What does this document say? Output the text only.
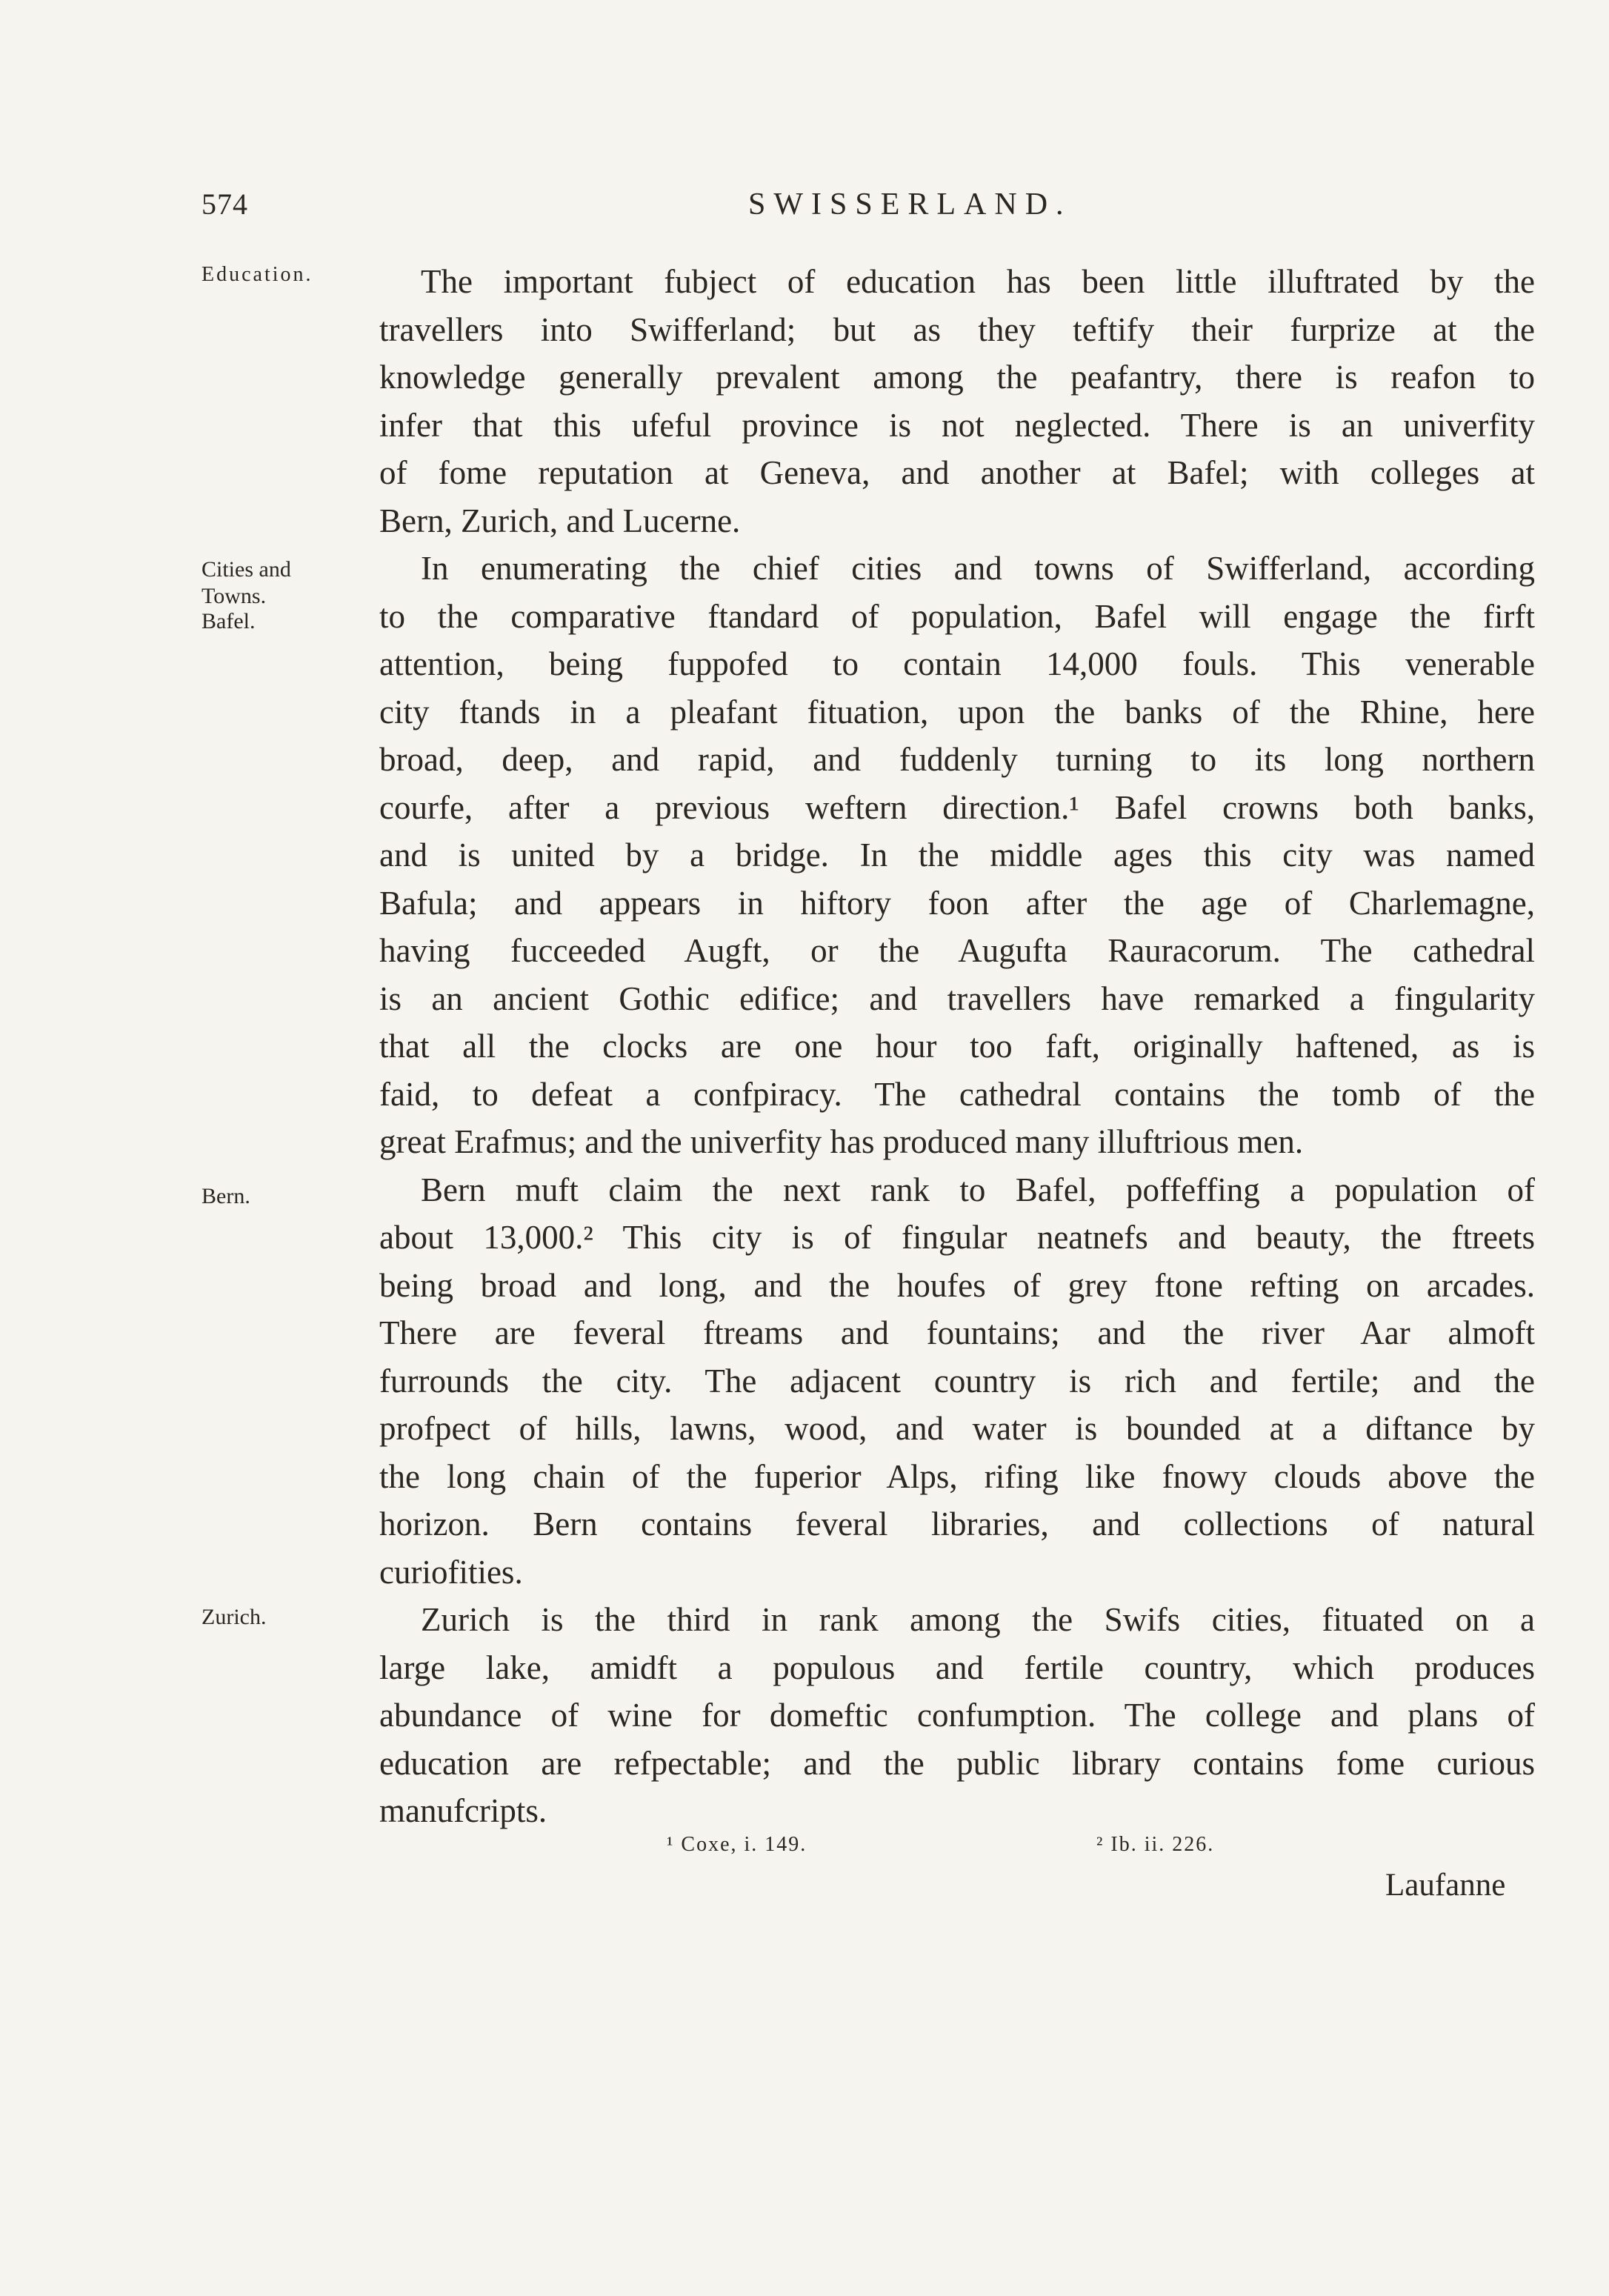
574	SWISSERLAND.
Education.
Cities and
Towns.
Bafel.
Bern.
Zurich.
The important fubject of education has been little illuftrated by the
travellers into Swifferland; but as they teftify their furprize at the
knowledge generally prevalent among the peafantry, there is reafon to
infer that this ufeful province is not neglected. There is an univerfity
of fome reputation at Geneva, and another at Bafel; with colleges at
Bern, Zurich, and Lucerne.
In enumerating the chief cities and towns of Swifferland, according
to the comparative ftandard of population, Bafel will engage the firft
attention, being fuppofed to contain 14,000 fouls. This venerable
city ftands in a pleafant fituation, upon the banks of the Rhine, here
broad, deep, and rapid, and fuddenly turning to its long northern
courfe, after a previous weftern direction.¹ Bafel crowns both banks,
and is united by a bridge. In the middle ages this city was named
Bafula; and appears in hiftory foon after the age of Charlemagne,
having fucceeded Augft, or the Augufta Rauracorum. The cathedral
is an ancient Gothic edifice; and travellers have remarked a fingularity
that all the clocks are one hour too faft, originally haftened, as is
faid, to defeat a confpiracy. The cathedral contains the tomb of the
great Erafmus; and the univerfity has produced many illuftrious men.
Bern muft claim the next rank to Bafel, poffeffing a population of
about 13,000.² This city is of fingular neatnefs and beauty, the ftreets
being broad and long, and the houfes of grey ftone refting on arcades.
There are feveral ftreams and fountains; and the river Aar almoft
furrounds the city. The adjacent country is rich and fertile; and the
profpect of hills, lawns, wood, and water is bounded at a diftance by
the long chain of the fuperior Alps, rifing like fnowy clouds above the
horizon. Bern contains feveral libraries, and collections of natural
curiofities.
Zurich is the third in rank among the Swifs cities, fituated on a
large lake, amidft a populous and fertile country, which produces
abundance of wine for domeftic confumption. The college and plans of
education are refpectable; and the public library contains fome curious
manufcripts.
¹ Coxe, i. 149.	² Ib. ii. 226.
Laufanne
